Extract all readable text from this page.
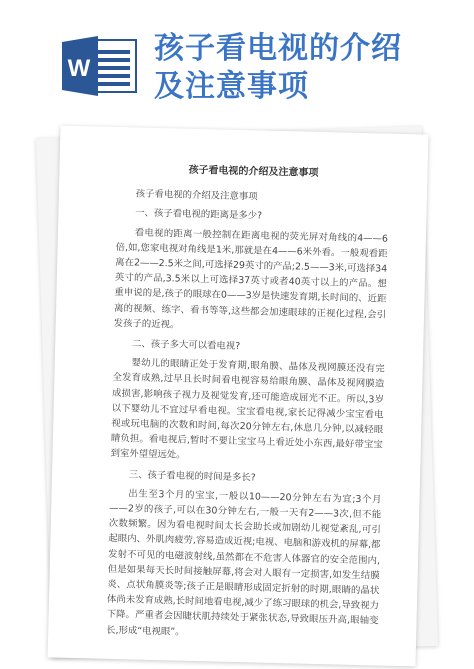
W
孩子看电视的介绍
及注意事项
孩子看电视的介绍及注意事项

孩子看电视的介绍及注意事项

一、孩子看电视的距离是多少?

看电视的距离一般控制在距离电视的荧光屏对角线的4——6倍,如,您家电视对角线是1米,那就是在4——6米外看。一般观看距离在2——2.5米之间,可选择29英寸的产品;2.5——3米,可选择34英寸的产品,3.5米以上可选择37英寸或者40英寸以上的产品。想重申说的是,孩子的眼球在0——3岁是快速发育期,长时间的、近距离的视频、练字、看书等等,这些都会加速眼球的正视化过程,会引发孩子的近视。

二、孩子多大可以看电视?

婴幼儿的眼睛正处于发育期,眼角膜、晶体及视网膜还没有完全发育成熟,过早且长时间看电视容易给眼角膜、晶体及视网膜造成损害,影响孩子视力及视觉发育,还可能造成屈光不正。所以,3岁以下婴幼儿不宜过早看电视。宝宝看电视,家长记得减少宝宝看电视或玩电脑的次数和时间,每次20分钟左右,休息几分钟,以减轻眼睛负担。看电视后,暂时不要让宝宝马上看近处小东西,最好带宝宝到室外望望远处。

三、孩子看电视的时间是多长?

出生至3个月的宝宝,一般以10——20分钟左右为宜;3个月——2岁的孩子,可以在30分钟左右,一般一天有2——3次,但不能次数频繁。因为看电视时间太长会助长或加剧幼儿视觉紊乱,可引起眼内、外肌肉疲劳,容易造成近视;电视、电脑和游戏机的屏幕,都发射不可见的电磁波射线,虽然都在不危害人体器官的安全范围内,但是如果每天长时间接触屏幕,将会对人眼有一定损害,如发生结膜炎、点状角膜炎等;孩子正是眼睛形成固定折射的时期,眼睛的晶状体尚未发育成熟,长时间地看电视,减少了练习眼球的机会,导致视力下降。严重者会因睫状肌持续处于紧张状态,导致眼压升高,眼轴变长,形成“电视眼”。
